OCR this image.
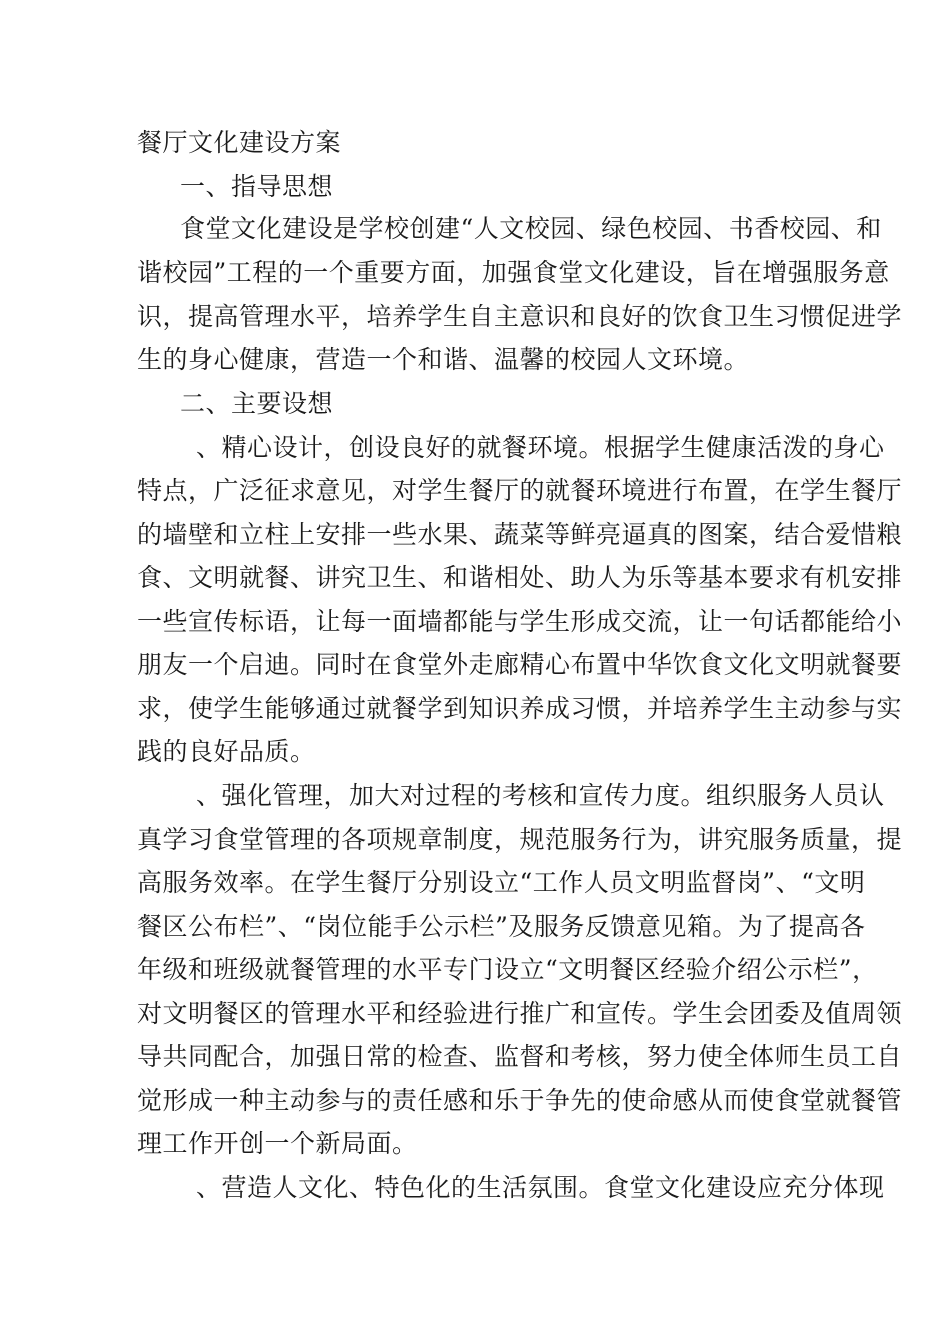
餐厅文化建设方案
一、指导思想
食堂文化建设是学校创建“人文校园、绿色校园、书香校园、和
谐校园”工程的一个重要方面，加强食堂文化建设，旨在增强服务意
识，提高管理水平，培养学生自主意识和良好的饮食卫生习惯促进学
生的身心健康，营造一个和谐、温馨的校园人文环境。
二、主要设想
、精心设计，创设良好的就餐环境。根据学生健康活泼的身心
特点，广泛征求意见，对学生餐厅的就餐环境进行布置，在学生餐厅
的墙壁和立柱上安排一些水果、蔬菜等鲜亮逼真的图案，结合爱惜粮
食、文明就餐、讲究卫生、和谐相处、助人为乐等基本要求有机安排
一些宣传标语，让每一面墙都能与学生形成交流，让一句话都能给小
朋友一个启迪。同时在食堂外走廊精心布置中华饮食文化文明就餐要
求，使学生能够通过就餐学到知识养成习惯，并培养学生主动参与实
践的良好品质。
、强化管理，加大对过程的考核和宣传力度。组织服务人员认
真学习食堂管理的各项规章制度，规范服务行为，讲究服务质量，提
高服务效率。在学生餐厅分别设立“工作人员文明监督岗”、“文明
餐区公布栏”、“岗位能手公示栏”及服务反馈意见箱。为了提高各
年级和班级就餐管理的水平专门设立“文明餐区经验介绍公示栏”，
对文明餐区的管理水平和经验进行推广和宣传。学生会团委及值周领
导共同配合，加强日常的检查、监督和考核，努力使全体师生员工自
觉形成一种主动参与的责任感和乐于争先的使命感从而使食堂就餐管
理工作开创一个新局面。
、营造人文化、特色化的生活氛围。食堂文化建设应充分体现
